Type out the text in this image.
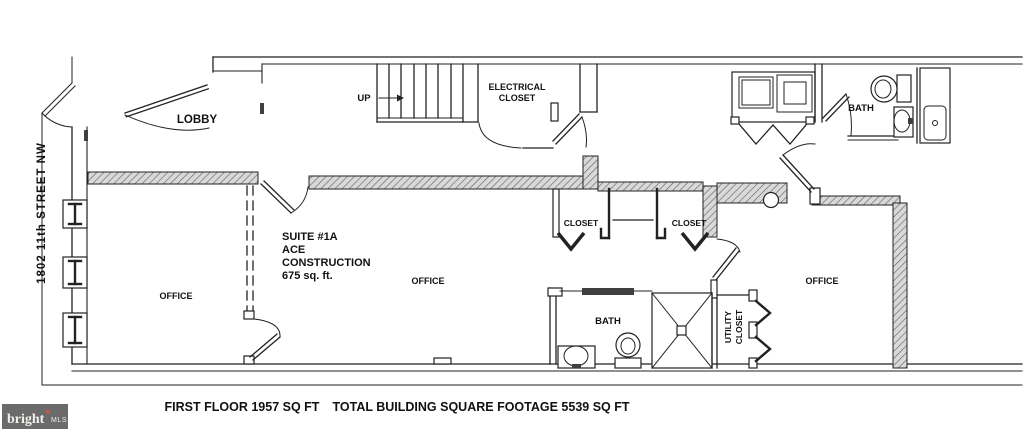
UP
ELECTRICAL
CLOSET
LOBBY
OFFICE
SUITE #1A
ACE
CONSTRUCTION
675 sq. ft.	OFFICE
CLOSET	CLOSET
BATH	UTILITY CLOSET
OFFICE
BATH
1802 11th STREET NW
FIRST FLOOR 1957 SQ FT TOTAL BUILDING SQUARE FOOTAGE 5539 SQ FT
bright MLS
